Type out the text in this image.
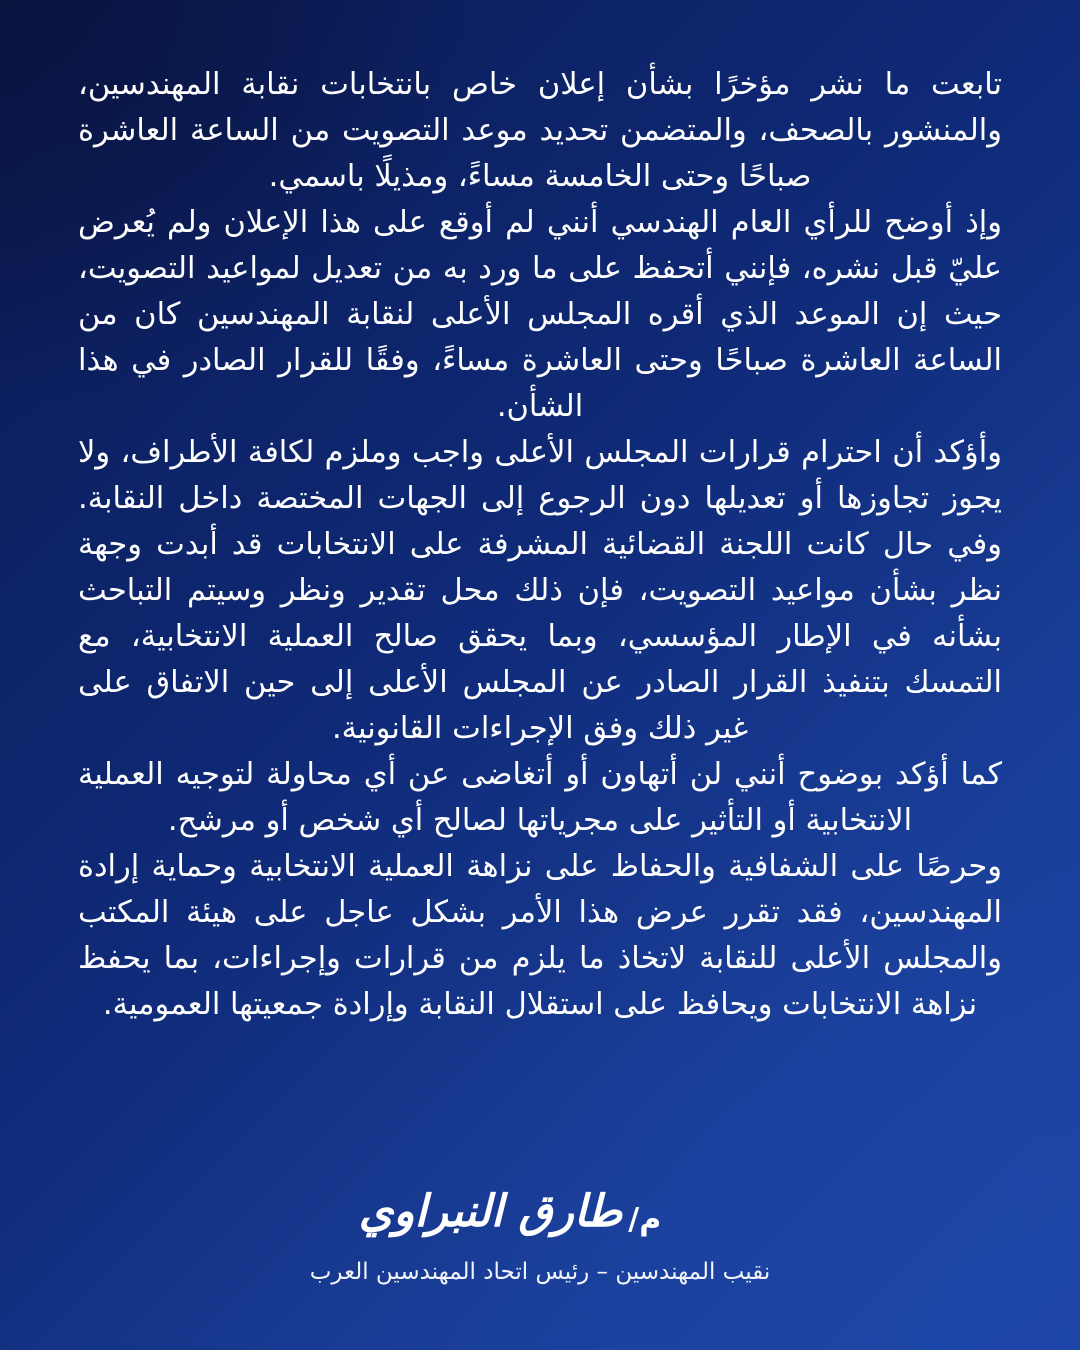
تابعت ما نشر مؤخرًا بشأن إعلان خاص بانتخابات نقابة المهندسين، والمنشور بالصحف، والمتضمن تحديد موعد التصويت من الساعة العاشرة صباحًا وحتى الخامسة مساءً، ومذيلًا باسمي.

وإذ أوضح للرأي العام الهندسي أنني لم أوقع على هذا الإعلان ولم يُعرض عليّ قبل نشره، فإنني أتحفظ على ما ورد به من تعديل لمواعيد التصويت، حيث إن الموعد الذي أقره المجلس الأعلى لنقابة المهندسين كان من الساعة العاشرة صباحًا وحتى العاشرة مساءً، وفقًا للقرار الصادر في هذا الشأن.

وأؤكد أن احترام قرارات المجلس الأعلى واجب وملزم لكافة الأطراف، ولا يجوز تجاوزها أو تعديلها دون الرجوع إلى الجهات المختصة داخل النقابة. وفي حال كانت اللجنة القضائية المشرفة على الانتخابات قد أبدت وجهة نظر بشأن مواعيد التصويت، فإن ذلك محل تقدير ونظر وسيتم التباحث بشأنه في الإطار المؤسسي، وبما يحقق صالح العملية الانتخابية، مع التمسك بتنفيذ القرار الصادر عن المجلس الأعلى إلى حين الاتفاق على غير ذلك وفق الإجراءات القانونية.

كما أؤكد بوضوح أنني لن أتهاون أو أتغاضى عن أي محاولة لتوجيه العملية الانتخابية أو التأثير على مجرياتها لصالح أي شخص أو مرشح.

وحرصًا على الشفافية والحفاظ على نزاهة العملية الانتخابية وحماية إرادة المهندسين، فقد تقرر عرض هذا الأمر بشكل عاجل على هيئة المكتب والمجلس الأعلى للنقابة لاتخاذ ما يلزم من قرارات وإجراءات، بما يحفظ نزاهة الانتخابات ويحافظ على استقلال النقابة وإرادة جمعيتها العمومية.

م/
طارق النبراوي
نقيب المهندسين – رئيس اتحاد المهندسين العرب
